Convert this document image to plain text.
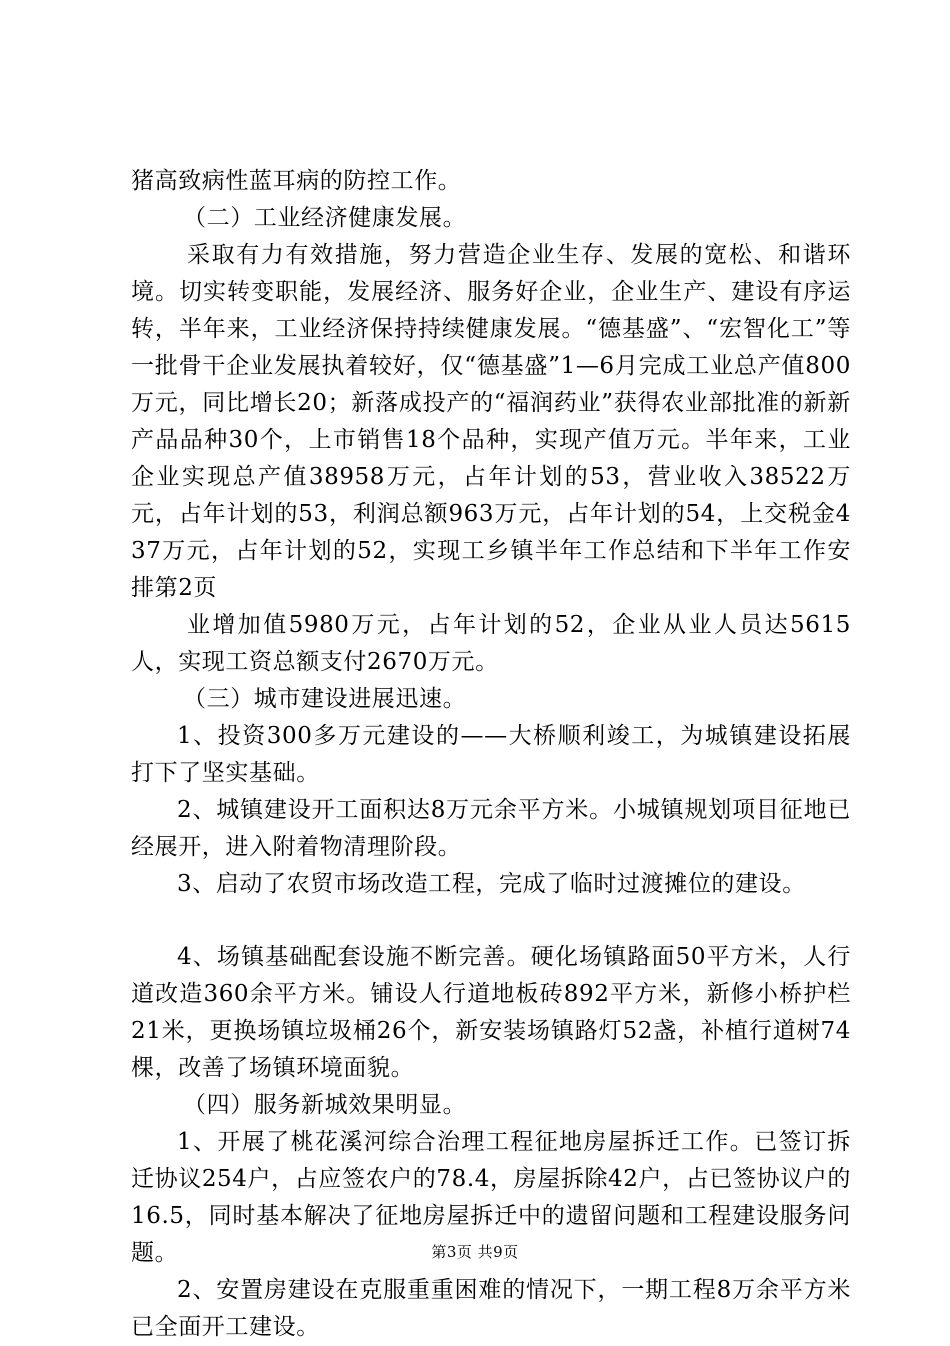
猪高致病性蓝耳病的防控工作。

（二）工业经济健康发展。

采取有力有效措施，努力营造企业生存、发展的宽松、和谐环境。切实转变职能，发展经济、服务好企业，企业生产、建设有序运转，半年来，工业经济保持持续健康发展。“德基盛”、“宏智化工”等一批骨干企业发展执着较好，仅“德基盛”1—6月完成工业总产值800万元，同比增长20；新落成投产的“福润药业”获得农业部批准的新新产品品种30个，上市销售18个品种，实现产值万元。半年来，工业企业实现总产值38958万元，占年计划的53，营业收入38522万元，占年计划的53，利润总额963万元，占年计划的54，上交税金437万元，占年计划的52，实现工乡镇半年工作总结和下半年工作安排第2页

业增加值5980万元，占年计划的52，企业从业人员达5615人，实现工资总额支付2670万元。

（三）城市建设进展迅速。

1、投资300多万元建设的——大桥顺利竣工，为城镇建设拓展打下了坚实基础。

2、城镇建设开工面积达8万元余平方米。小城镇规划项目征地已经展开，进入附着物清理阶段。

3、启动了农贸市场改造工程，完成了临时过渡摊位的建设。

4、场镇基础配套设施不断完善。硬化场镇路面50平方米，人行道改造360余平方米。铺设人行道地板砖892平方米，新修小桥护栏21米，更换场镇垃圾桶26个，新安装场镇路灯52盏，补植行道树74棵，改善了场镇环境面貌。

（四）服务新城效果明显。

1、开展了桃花溪河综合治理工程征地房屋拆迁工作。已签订拆迁协议254户，占应签农户的78.4，房屋拆除42户，占已签协议户的16.5，同时基本解决了征地房屋拆迁中的遗留问题和工程建设服务问题。

2、安置房建设在克服重重困难的情况下，一期工程8万余平方米已全面开工建设。

第3页 共9页
